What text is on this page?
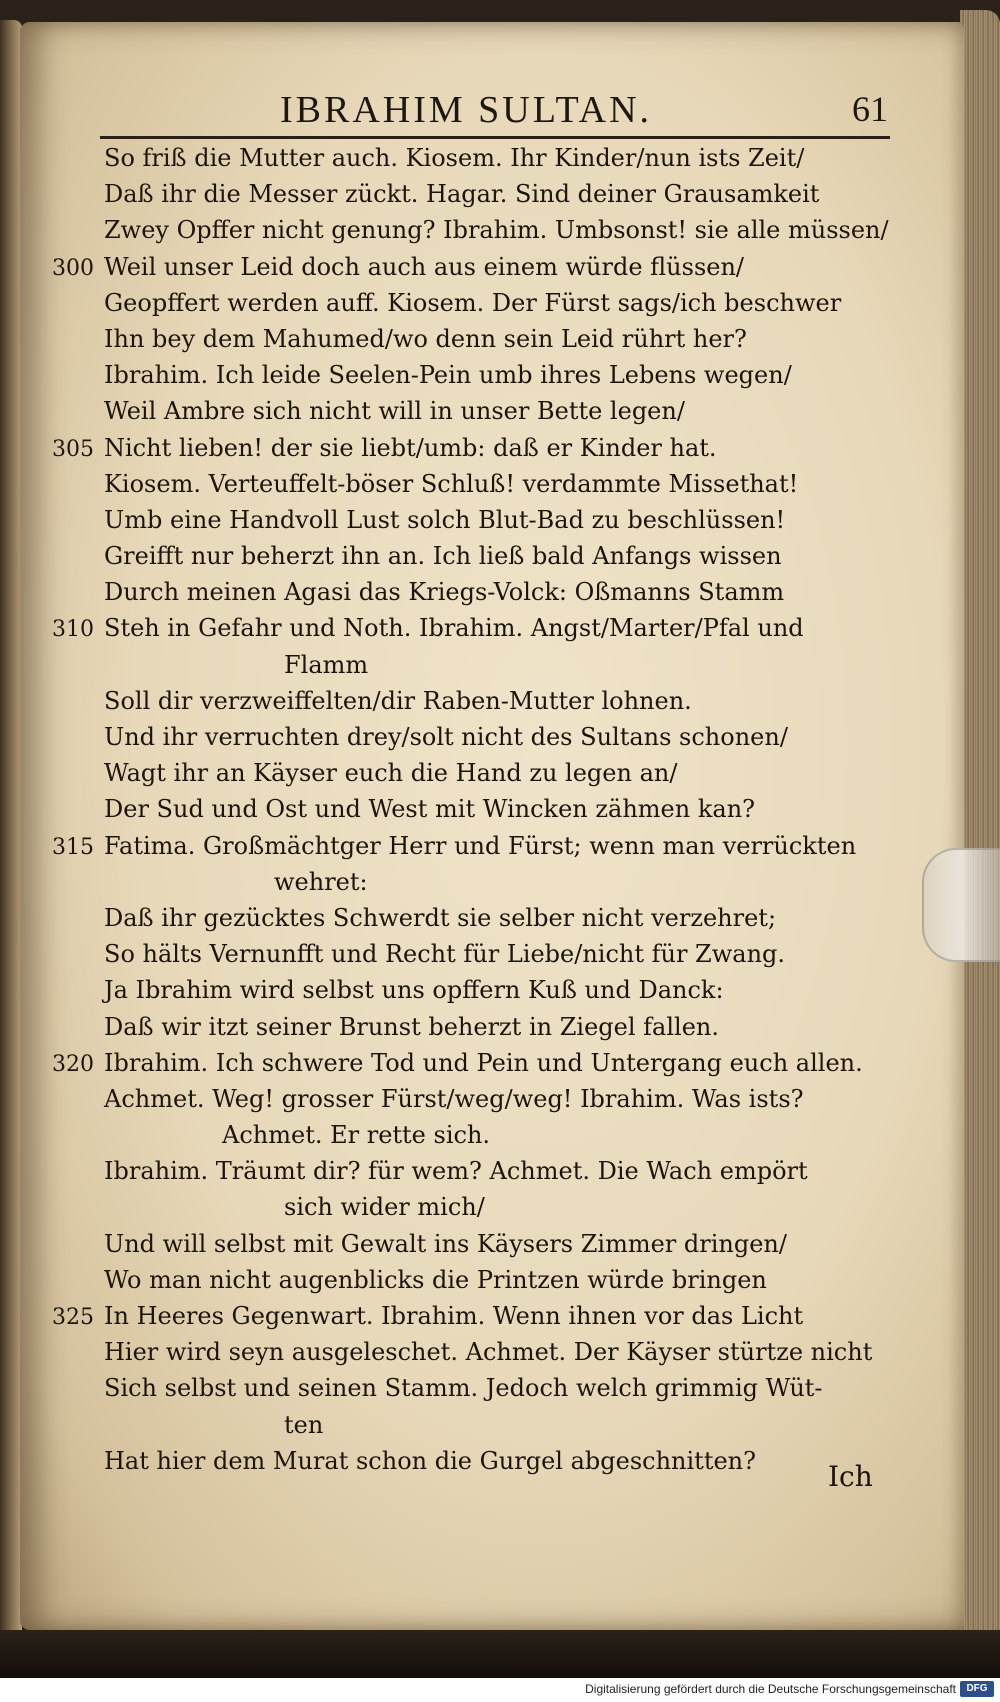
IBRAHIM SULTAN.	61
So friß die Mutter auch. Kiosem. Ihr Kinder/nun ists Zeit/
Daß ihr die Messer zückt. Hagar. Sind deiner Grausamkeit
Zwey Opffer nicht genung? Ibrahim. Umbsonst! sie alle müssen/
300 Weil unser Leid doch auch aus einem würde flüssen/
Geopffert werden auff. Kiosem. Der Fürst sags/ich beschwer
Ihn bey dem Mahumed/wo denn sein Leid rührt her?
Ibrahim. Ich leide Seelen-Pein umb ihres Lebens wegen/
Weil Ambre sich nicht will in unser Bette legen/
305 Nicht lieben! der sie liebt/umb: daß er Kinder hat.
Kiosem. Verteuffelt-böser Schluß! verdammte Missethat!
Umb eine Handvoll Lust solch Blut-Bad zu beschlüssen!
Greifft nur beherzt ihn an. Ich ließ bald Anfangs wissen
Durch meinen Agasi das Kriegs-Volck: Oßmanns Stamm
310 Steh in Gefahr und Noth. Ibrahim. Angst/Marter/Pfal und
Flamm
Soll dir verzweiffelten/dir Raben-Mutter lohnen.
Und ihr verruchten drey/solt nicht des Sultans schonen/
Wagt ihr an Käyser euch die Hand zu legen an/
Der Sud und Ost und West mit Wincken zähmen kan?
315 Fatima. Großmächtger Herr und Fürst; wenn man verrückten
wehret:
Daß ihr gezücktes Schwerdt sie selber nicht verzehret;
So hälts Vernunfft und Recht für Liebe/nicht für Zwang.
Ja Ibrahim wird selbst uns opffern Kuß und Danck:
Daß wir itzt seiner Brunst beherzt in Ziegel fallen.
320 Ibrahim. Ich schwere Tod und Pein und Untergang euch allen.
Achmet. Weg! grosser Fürst/weg/weg! Ibrahim. Was ists?
Achmet. Er rette sich.
Ibrahim. Träumt dir? für wem? Achmet. Die Wach empört
sich wider mich/
Und will selbst mit Gewalt ins Käysers Zimmer dringen/
Wo man nicht augenblicks die Printzen würde bringen
325 In Heeres Gegenwart. Ibrahim. Wenn ihnen vor das Licht
Hier wird seyn ausgeleschet. Achmet. Der Käyser stürtze nicht
Sich selbst und seinen Stamm. Jedoch welch grimmig Wüt-
ten
Hat hier dem Murat schon die Gurgel abgeschnitten?	Ich
Digitalisierung gefördert durch die Deutsche Forschungsgemeinschaft	DFG
